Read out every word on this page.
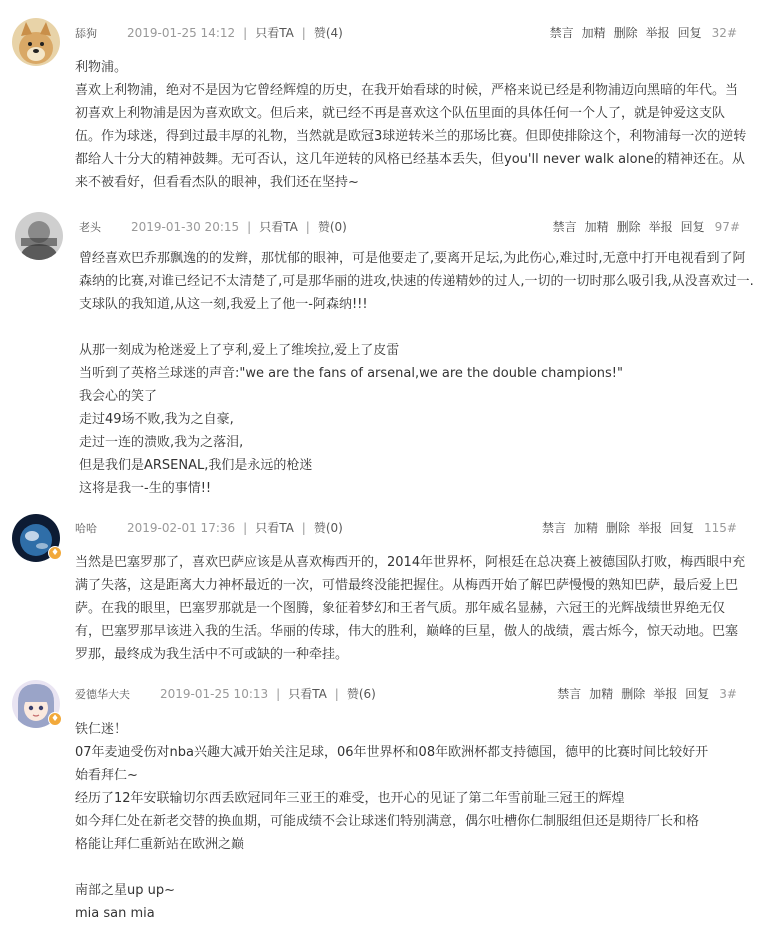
舔狗	2019-01-25 14:12 | 只看TA | 赞(4)	禁言 加精 删除 举报 回复 32#
利物浦。
喜欢上利物浦，绝对不是因为它曾经辉煌的历史，在我开始看球的时候，严格来说已经是利物浦迈向黑暗的年代。当
初喜欢上利物浦是因为喜欢欧文。但后来，就已经不再是喜欢这个队伍里面的具体任何一个人了，就是钟爱这支队
伍。作为球迷，得到过最丰厚的礼物，当然就是欧冠3球逆转米兰的那场比赛。但即使排除这个，利物浦每一次的逆转
都给人十分大的精神鼓舞。无可否认，这几年逆转的风格已经基本丢失，但you'll never walk alone的精神还在。从
来不被看好，但看看杰队的眼神，我们还在坚持~
老头	2019-01-30 20:15 | 只看TA | 赞(0)	禁言 加精 删除 举报 回复 97#
曾经喜欢巴乔那飘逸的的发辫，那忧郁的眼神，可是他要走了,要离开足坛,为此伤心,难过时,无意中打开电视看到了阿
森纳的比赛,对谁已经记不太清楚了,可是那华丽的进攻,快速的传递精妙的过人,一切的一切时那么吸引我,从没喜欢过一.
支球队的我知道,从这一刻,我爱上了他一-阿森纳!!!
从那一刻成为枪迷爱上了亨利,爱上了维埃拉,爱上了皮雷
当听到了英格兰球迷的声音:"we are the fans of arsenal,we are the double champions!"
我会心的笑了
走过49场不败,我为之自豪,
走过一连的溃败,我为之落泪,
但是我们是ARSENAL,我们是永远的枪迷
这将是我一-生的事情!!
♦
哈哈	2019-02-01 17:36 | 只看TA | 赞(0)	禁言 加精 删除 举报 回复 115#
当然是巴塞罗那了，喜欢巴萨应该是从喜欢梅西开的，2014年世界杯，阿根廷在总决赛上被德国队打败，梅西眼中充
满了失落，这是距离大力神杯最近的一次，可惜最终没能把握住。从梅西开始了解巴萨慢慢的熟知巴萨，最后爱上巴
萨。在我的眼里，巴塞罗那就是一个图腾，象征着梦幻和王者气质。那年威名显赫，六冠王的光辉战绩世界绝无仅
有，巴塞罗那早该进入我的生活。华丽的传球，伟大的胜利，巅峰的巨星，傲人的战绩，震古烁今，惊天动地。巴塞
罗那，最终成为我生活中不可或缺的一种牵挂。
♦
爱德华大夫	2019-01-25 10:13 | 只看TA | 赞(6)	禁言 加精 删除 举报 回复 3#
铁仁迷！
07年麦迪受伤对nba兴趣大减开始关注足球，06年世界杯和08年欧洲杯都支持德国，德甲的比赛时间比较好开
始看拜仁~
经历了12年安联输切尔西丢欧冠同年三亚王的难受，也开心的见证了第二年雪前耻三冠王的辉煌
如今拜仁处在新老交替的换血期，可能成绩不会让球迷们特别满意，偶尔吐槽你仁制服组但还是期待厂长和格
格能让拜仁重新站在欧洲之巅
南部之星up up~
mia san mia
